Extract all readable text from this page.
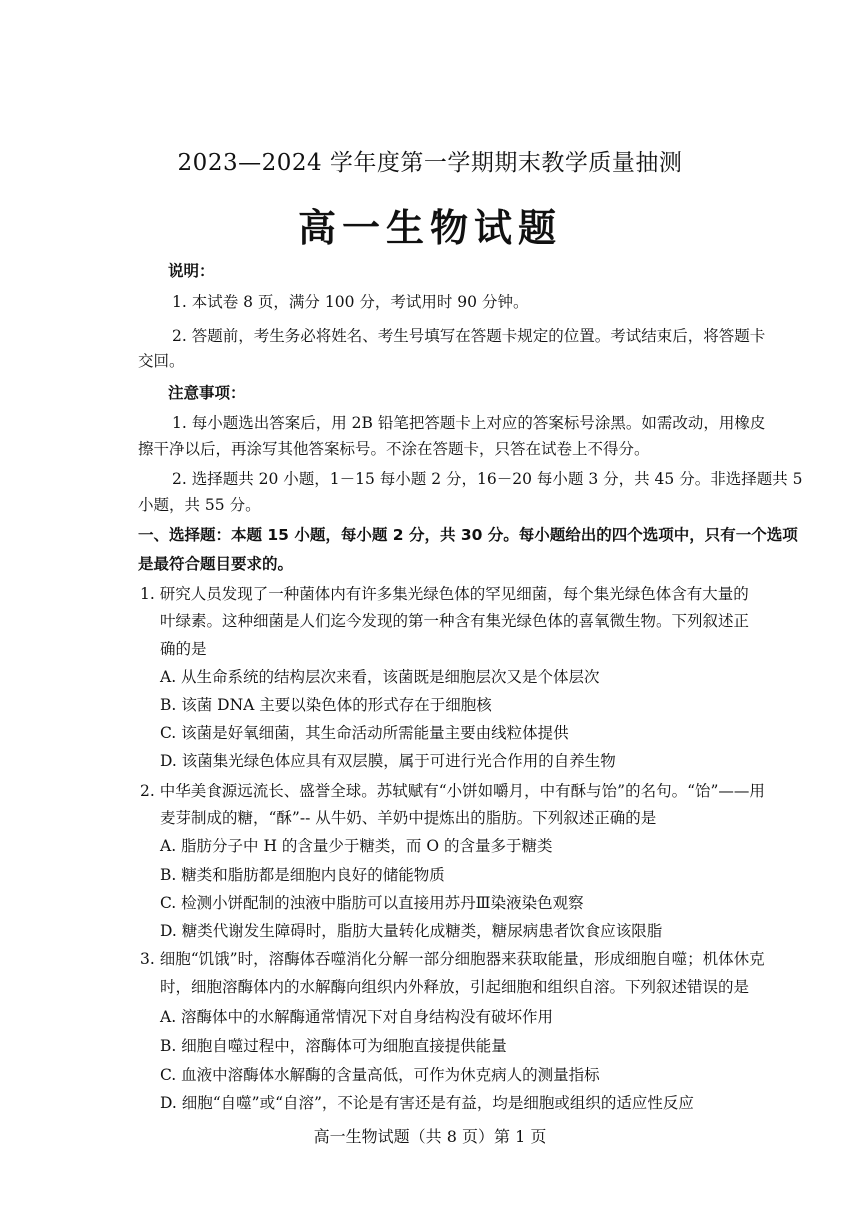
2023—2024 学年度第一学期期末教学质量抽测
高一生物试题
说明：
1. 本试卷 8 页，满分 100 分，考试用时 90 分钟。
2. 答题前，考生务必将姓名、考生号填写在答题卡规定的位置。考试结束后，将答题卡
交回。
注意事项：
1. 每小题选出答案后，用 2B 铅笔把答题卡上对应的答案标号涂黑。如需改动，用橡皮
擦干净以后，再涂写其他答案标号。不涂在答题卡，只答在试卷上不得分。
2. 选择题共 20 小题，1－15 每小题 2 分，16－20 每小题 3 分，共 45 分。非选择题共 5
小题，共 55 分。
一、选择题：本题 15 小题，每小题 2 分，共 30 分。每小题给出的四个选项中，只有一个选项
是最符合题目要求的。
1. 研究人员发现了一种菌体内有许多集光绿色体的罕见细菌，每个集光绿色体含有大量的
叶绿素。这种细菌是人们迄今发现的第一种含有集光绿色体的喜氧微生物。下列叙述正
确的是
A. 从生命系统的结构层次来看，该菌既是细胞层次又是个体层次
B. 该菌 DNA 主要以染色体的形式存在于细胞核
C. 该菌是好氧细菌，其生命活动所需能量主要由线粒体提供
D. 该菌集光绿色体应具有双层膜，属于可进行光合作用的自养生物
2. 中华美食源远流长、盛誉全球。苏轼赋有“小饼如嚼月，中有酥与饴”的名句。“饴”——用
麦芽制成的糖，“酥”-- 从牛奶、羊奶中提炼出的脂肪。下列叙述正确的是
A. 脂肪分子中 H 的含量少于糖类，而 O 的含量多于糖类
B. 糖类和脂肪都是细胞内良好的储能物质
C. 检测小饼配制的浊液中脂肪可以直接用苏丹Ⅲ染液染色观察
D. 糖类代谢发生障碍时，脂肪大量转化成糖类，糖尿病患者饮食应该限脂
3. 细胞“饥饿”时，溶酶体吞噬消化分解一部分细胞器来获取能量，形成细胞自噬；机体休克
时，细胞溶酶体内的水解酶向组织内外释放，引起细胞和组织自溶。下列叙述错误的是
A. 溶酶体中的水解酶通常情况下对自身结构没有破坏作用
B. 细胞自噬过程中，溶酶体可为细胞直接提供能量
C. 血液中溶酶体水解酶的含量高低，可作为休克病人的测量指标
D. 细胞“自噬”或“自溶”，不论是有害还是有益，均是细胞或组织的适应性反应
高一生物试题（共 8 页）第 1 页
